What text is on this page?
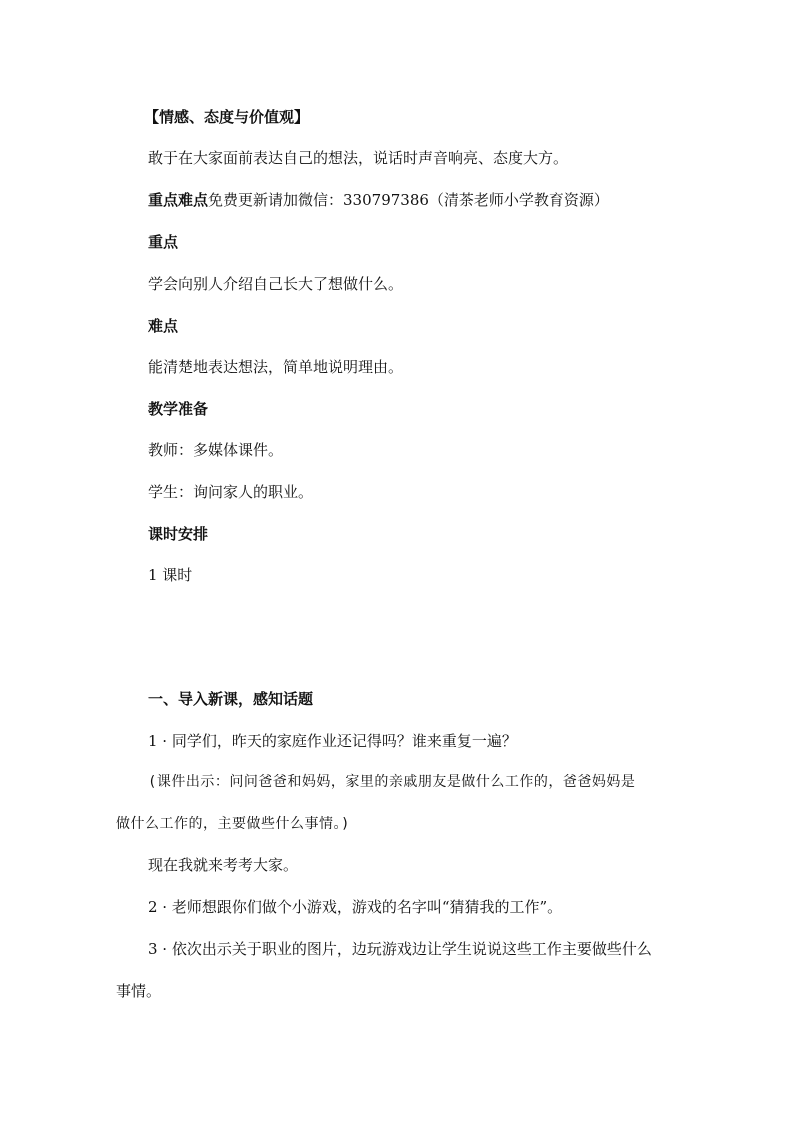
【情感、态度与价值观】
敢于在大家面前表达自己的想法，说话时声音响亮、态度大方。
重点难点免费更新请加微信：330797386（清茶老师小学教育资源）
重点
学会向别人介绍自己长大了想做什么。
难点
能清楚地表达想法，简单地说明理由。
教学准备
教师：多媒体课件。
学生：询问家人的职业。
课时安排
1 课时
一、导入新课，感知话题
1 · 同学们，昨天的家庭作业还记得吗？谁来重复一遍？
(课件出示：问问爸爸和妈妈，家里的亲戚朋友是做什么工作的，爸爸妈妈是
做什么工作的，主要做些什么事情。)
现在我就来考考大家。
2 · 老师想跟你们做个小游戏，游戏的名字叫“猜猜我的工作”。
3 · 依次出示关于职业的图片，边玩游戏边让学生说说这些工作主要做些什么
事情。
